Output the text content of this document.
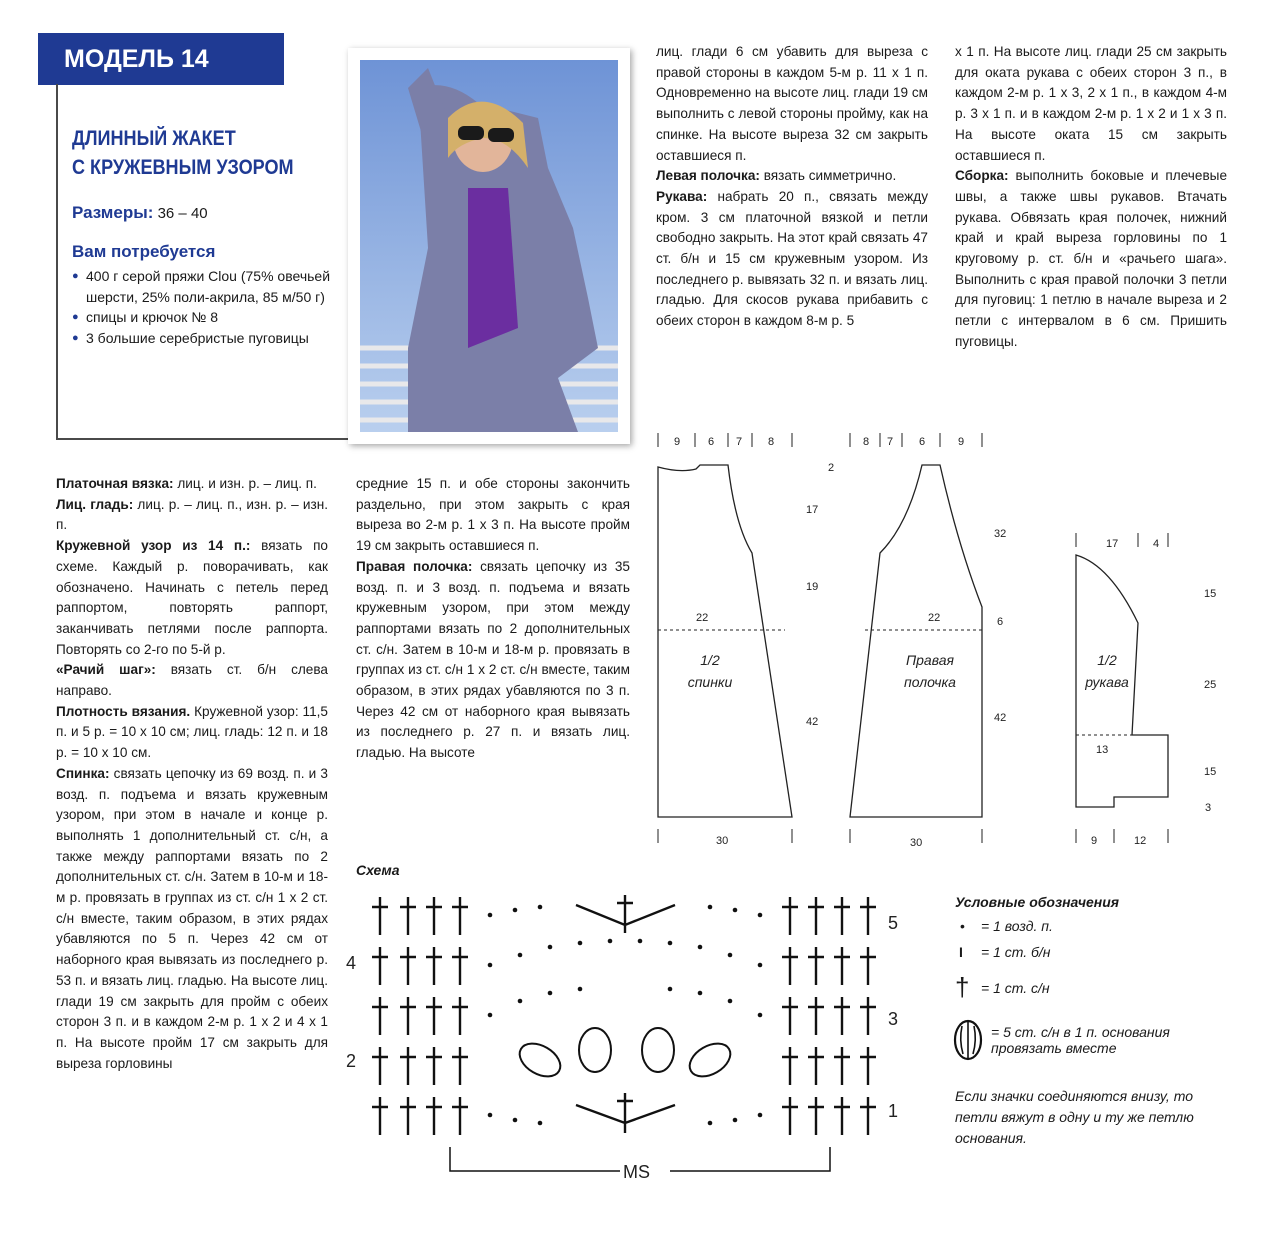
МОДЕЛЬ 14
ДЛИННЫЙ ЖАКЕТ
С КРУЖЕВНЫМ УЗОРОМ
Размеры: 36 – 40
Вам потребуется
● 400 г серой пряжи Clou (75% овечьей шерсти, 25% поли-акрила, 85 м/50 г)
● спицы и крючок № 8
● 3 большие серебристые пуговицы

Платочная вязка: лиц. и изн. р. – лиц. п.

Лиц. гладь: лиц. р. – лиц. п., изн. р. – изн. п.

Кружевной узор из 14 п.: вязать по схеме. Каждый р. поворачивать, как обозначено. Начинать с петель перед раппортом, повторять раппорт, заканчивать петлями после раппорта. Повторять со 2-го по 5-й р.

«Рачий шаг»: вязать ст. б/н слева направо.

Плотность вязания. Кружевной узор: 11,5 п. и 5 р. = 10 х 10 см; лиц. гладь: 12 п. и 18 р. = 10 х 10 см.

Спинка: связать цепочку из 69 возд. п. и 3 возд. п. подъема и вязать кружевным узором, при этом в начале и конце р. выполнять 1 дополнительный ст. с/н, а также между раппортами вязать по 2 дополнительных ст. с/н. Затем в 10-м и 18-м р. провязать в группах из ст. с/н 1 х 2 ст. с/н вместе, таким образом, в этих рядах убавляются по 5 п. Через 42 см от наборного края вывязать из последнего р. 53 п. и вязать лиц. гладью. На высоте лиц. глади 19 см закрыть для пройм с обеих сторон 3 п. и в каждом 2-м р. 1 х 2 и 4 х 1 п. На высоте пройм 17 см закрыть для выреза горловины

средние 15 п. и обе стороны закончить раздельно, при этом закрыть с края выреза во 2-м р. 1 х 3 п. На высоте пройм 19 см закрыть оставшиеся п.

Правая полочка: связать цепочку из 35 возд. п. и 3 возд. п. подъема и вязать кружевным узором, при этом между раппортами вязать по 2 дополнительных ст. с/н. Затем в 10-м и 18-м р. провязать в группах из ст. с/н 1 х 2 ст. с/н вместе, таким образом, в этих рядах убавляются по 3 п. Через 42 см от наборного края вывязать из последнего р. 27 п. и вязать лиц. гладью. На высоте

лиц. глади 6 см убавить для выреза с правой стороны в каждом 5-м р. 11 х 1 п. Одновременно на высоте лиц. глади 19 см выполнить с левой стороны пройму, как на спинке. На высоте выреза 32 см закрыть оставшиеся п.

Левая полочка: вязать симметрично.

Рукава: набрать 20 п., связать между кром. 3 см платочной вязкой и петли свободно закрыть. На этот край связать 47 ст. б/н и 15 см кружевным узором. Из последнего р. вывязать 32 п. и вязать лиц. гладью. Для скосов рукава прибавить с обеих сторон в каждом 8-м р. 5

х 1 п. На высоте лиц. глади 25 см закрыть для оката рукава с обеих сторон 3 п., в каждом 2-м р. 1 х 3, 2 х 1 п., в каждом 4-м р. 3 х 1 п. и в каждом 2-м р. 1 х 2 и 1 х 3 п. На высоте оката 15 см закрыть оставшиеся п.

Сборка: выполнить боковые и плечевые швы, а также швы рукавов. Втачать рукава. Обвязать края полочек, нижний край и край выреза горловины по 1 круговому р. ст. б/н и «рачьего шага». Выполнить с края правой полочки 3 петли для пуговиц: 1 петлю в начале выреза и 2 петли с интервалом в 6 см. Пришить пуговицы.

9	6 7 8
2
17
19
42
22
30
8 7 6	9
32
6
42
22
30
17	4
15
25
15
3
13
9	12
1/2
спинки
Правая
полочка
1/2
рукава
Схема
1
2
3
4
5
MS
Условные обозначения
• = 1 возд. п.
I = 1 ст. б/н
† = 1 ст. с/н
= 5 ст. с/н в 1 п. основания провязать вместе
Если значки соединяются внизу, то петли вяжут в одну и ту же петлю основания.
